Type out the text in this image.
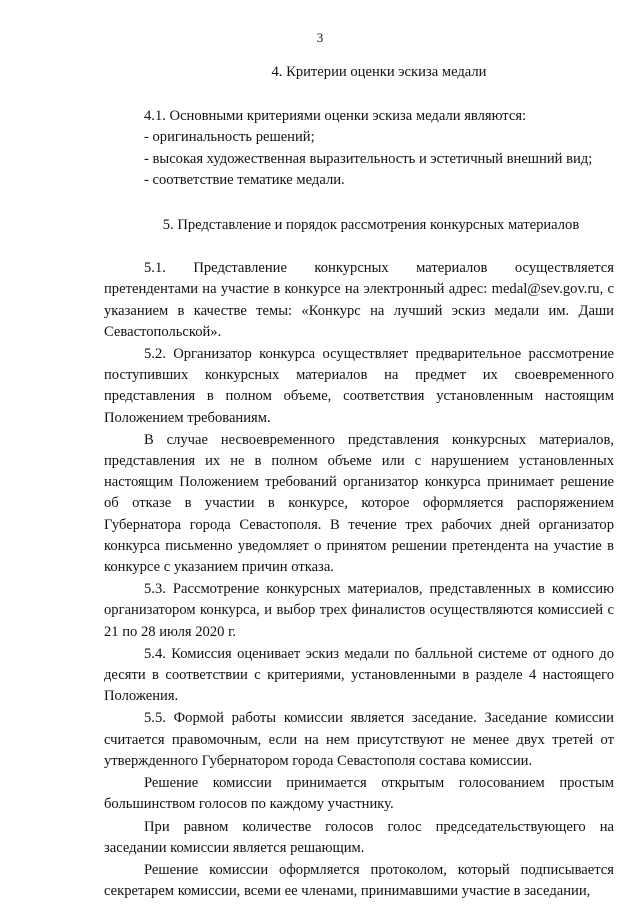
3

4. Критерии оценки эскиза медали

4.1. Основными критериями оценки эскиза медали являются:

- оригинальность решений;
- высокая художественная выразительность и эстетичный внешний вид;
- соответствие тематике медали.

5. Представление и порядок рассмотрения конкурсных материалов

5.1. Представление конкурсных материалов осуществляется претендентами на участие в конкурсе на электронный адрес: medal@sev.gov.ru, с указанием в качестве темы: «Конкурс на лучший эскиз медали им. Даши Севастопольской».

5.2. Организатор конкурса осуществляет предварительное рассмотрение поступивших конкурсных материалов на предмет их своевременного представления в полном объеме, соответствия установленным настоящим Положением требованиям.

В случае несвоевременного представления конкурсных материалов, представления их не в полном объеме или с нарушением установленных настоящим Положением требований организатор конкурса принимает решение об отказе в участии в конкурсе, которое оформляется распоряжением Губернатора города Севастополя. В течение трех рабочих дней организатор конкурса письменно уведомляет о принятом решении претендента на участие в конкурсе с указанием причин отказа.

5.3. Рассмотрение конкурсных материалов, представленных в комиссию организатором конкурса, и выбор трех финалистов осуществляются комиссией с 21 по 28 июля 2020 г.

5.4. Комиссия оценивает эскиз медали по балльной системе от одного до десяти в соответствии с критериями, установленными в разделе 4 настоящего Положения.

5.5. Формой работы комиссии является заседание. Заседание комиссии считается правомочным, если на нем присутствуют не менее двух третей от утвержденного Губернатором города Севастополя состава комиссии.

Решение комиссии принимается открытым голосованием простым большинством голосов по каждому участнику.

При равном количестве голосов голос председательствующего на заседании комиссии является решающим.

Решение комиссии оформляется протоколом, который подписывается секретарем комиссии, всеми ее членами, принимавшими участие в заседании,
